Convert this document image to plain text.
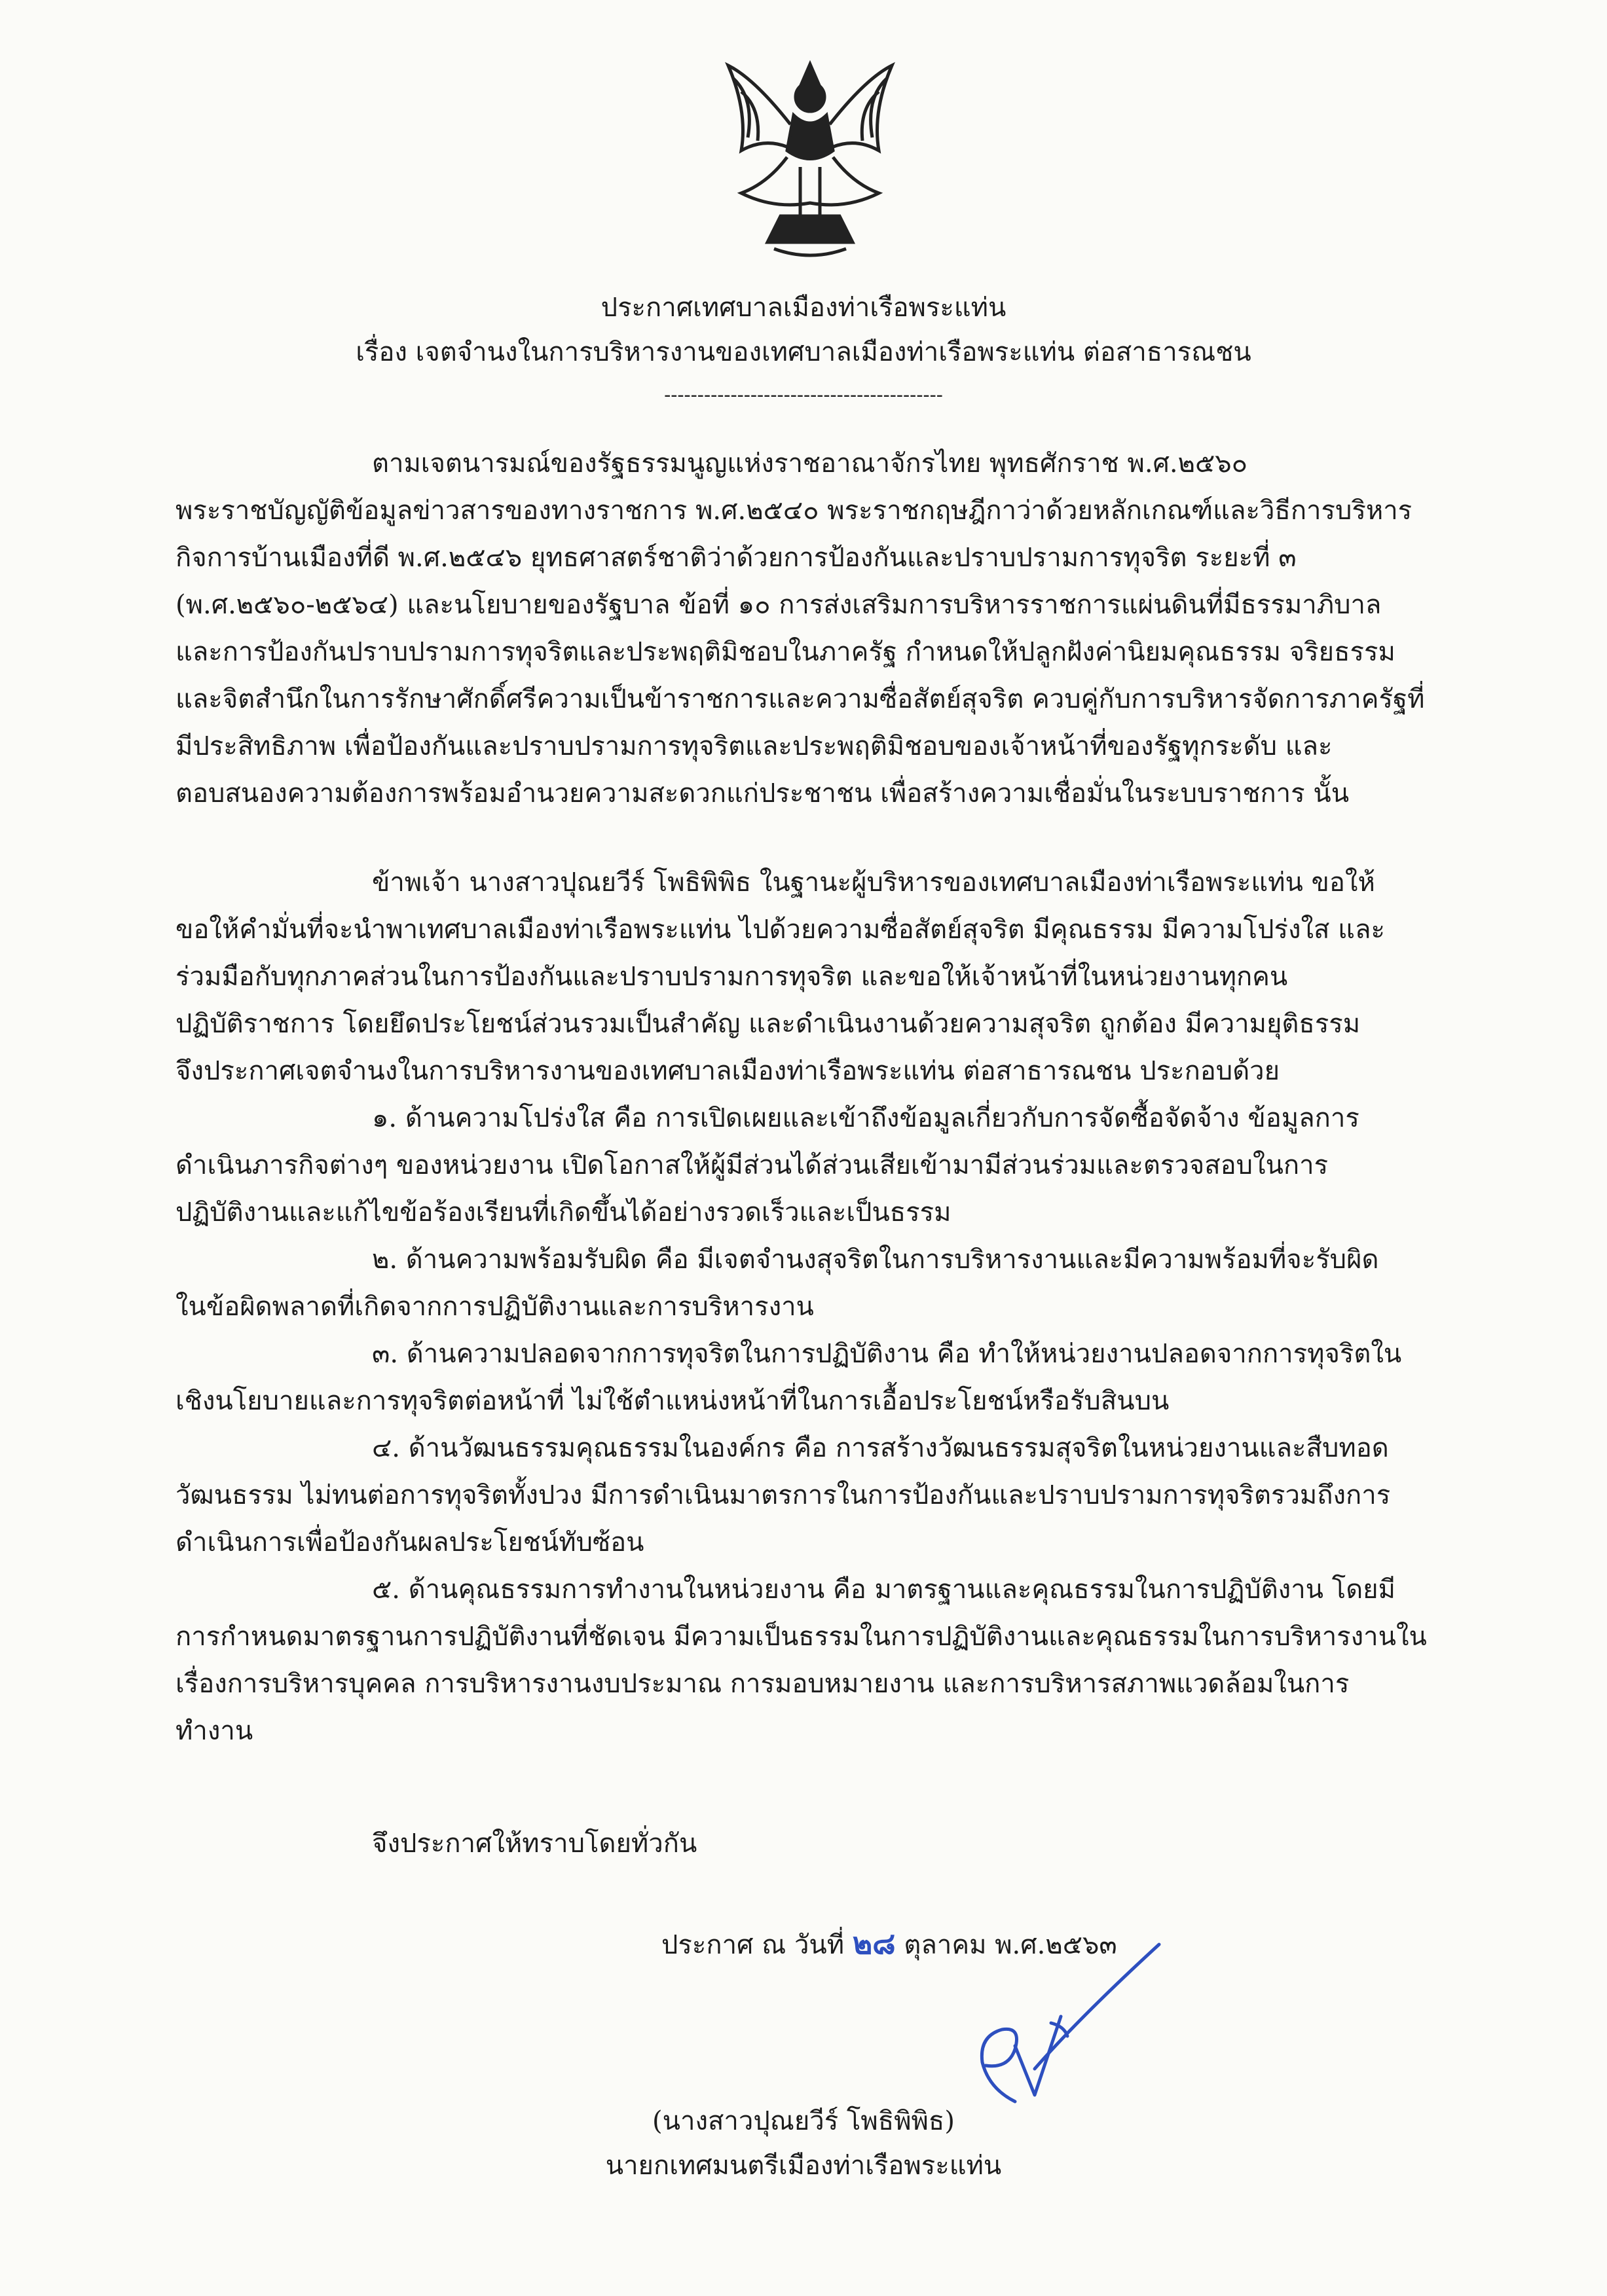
ประกาศเทศบาลเมืองท่าเรือพระแท่น
เรื่อง เจตจำนงในการบริหารงานของเทศบาลเมืองท่าเรือพระแท่น ต่อสาธารณชน
------------------------------------------
ตามเจตนารมณ์ของรัฐธรรมนูญแห่งราชอาณาจักรไทย พุทธศักราช พ.ศ.๒๕๖๐
พระราชบัญญัติข้อมูลข่าวสารของทางราชการ พ.ศ.๒๕๔๐ พระราชกฤษฎีกาว่าด้วยหลักเกณฑ์และวิธีการบริหาร
กิจการบ้านเมืองที่ดี พ.ศ.๒๕๔๖ ยุทธศาสตร์ชาติว่าด้วยการป้องกันและปราบปรามการทุจริต ระยะที่ ๓
(พ.ศ.๒๕๖๐-๒๕๖๔) และนโยบายของรัฐบาล ข้อที่ ๑๐ การส่งเสริมการบริหารราชการแผ่นดินที่มีธรรมาภิบาล
และการป้องกันปราบปรามการทุจริตและประพฤติมิชอบในภาครัฐ กำหนดให้ปลูกฝังค่านิยมคุณธรรม จริยธรรม
และจิตสำนึกในการรักษาศักดิ์ศรีความเป็นข้าราชการและความซื่อสัตย์สุจริต ควบคู่กับการบริหารจัดการภาครัฐที่
มีประสิทธิภาพ เพื่อป้องกันและปราบปรามการทุจริตและประพฤติมิชอบของเจ้าหน้าที่ของรัฐทุกระดับ และ
ตอบสนองความต้องการพร้อมอำนวยความสะดวกแก่ประชาชน เพื่อสร้างความเชื่อมั่นในระบบราชการ นั้น
ข้าพเจ้า นางสาวปุณยวีร์ โพธิพิพิธ ในฐานะผู้บริหารของเทศบาลเมืองท่าเรือพระแท่น ขอให้
ขอให้คำมั่นที่จะนำพาเทศบาลเมืองท่าเรือพระแท่น ไปด้วยความซื่อสัตย์สุจริต มีคุณธรรม มีความโปร่งใส และ
ร่วมมือกับทุกภาคส่วนในการป้องกันและปราบปรามการทุจริต และขอให้เจ้าหน้าที่ในหน่วยงานทุกคน
ปฏิบัติราชการ โดยยึดประโยชน์ส่วนรวมเป็นสำคัญ และดำเนินงานด้วยความสุจริต ถูกต้อง มีความยุติธรรม
จึงประกาศเจตจำนงในการบริหารงานของเทศบาลเมืองท่าเรือพระแท่น ต่อสาธารณชน ประกอบด้วย
๑. ด้านความโปร่งใส คือ การเปิดเผยและเข้าถึงข้อมูลเกี่ยวกับการจัดซื้อจัดจ้าง ข้อมูลการ
ดำเนินภารกิจต่างๆ ของหน่วยงาน เปิดโอกาสให้ผู้มีส่วนได้ส่วนเสียเข้ามามีส่วนร่วมและตรวจสอบในการ
ปฏิบัติงานและแก้ไขข้อร้องเรียนที่เกิดขึ้นได้อย่างรวดเร็วและเป็นธรรม
๒. ด้านความพร้อมรับผิด คือ มีเจตจำนงสุจริตในการบริหารงานและมีความพร้อมที่จะรับผิด
ในข้อผิดพลาดที่เกิดจากการปฏิบัติงานและการบริหารงาน
๓. ด้านความปลอดจากการทุจริตในการปฏิบัติงาน คือ ทำให้หน่วยงานปลอดจากการทุจริตใน
เชิงนโยบายและการทุจริตต่อหน้าที่ ไม่ใช้ตำแหน่งหน้าที่ในการเอื้อประโยชน์หรือรับสินบน
๔. ด้านวัฒนธรรมคุณธรรมในองค์กร คือ การสร้างวัฒนธรรมสุจริตในหน่วยงานและสืบทอด
วัฒนธรรม ไม่ทนต่อการทุจริตทั้งปวง มีการดำเนินมาตรการในการป้องกันและปราบปรามการทุจริตรวมถึงการ
ดำเนินการเพื่อป้องกันผลประโยชน์ทับซ้อน
๕. ด้านคุณธรรมการทำงานในหน่วยงาน คือ มาตรฐานและคุณธรรมในการปฏิบัติงาน โดยมี
การกำหนดมาตรฐานการปฏิบัติงานที่ชัดเจน มีความเป็นธรรมในการปฏิบัติงานและคุณธรรมในการบริหารงานใน
เรื่องการบริหารบุคคล การบริหารงานงบประมาณ การมอบหมายงาน และการบริหารสภาพแวดล้อมในการ
ทำงาน
จึงประกาศให้ทราบโดยทั่วกัน
ประกาศ ณ วันที่ ๒๘ ตุลาคม พ.ศ.๒๕๖๓
(นางสาวปุณยวีร์ โพธิพิพิธ)
นายกเทศมนตรีเมืองท่าเรือพระแท่น
